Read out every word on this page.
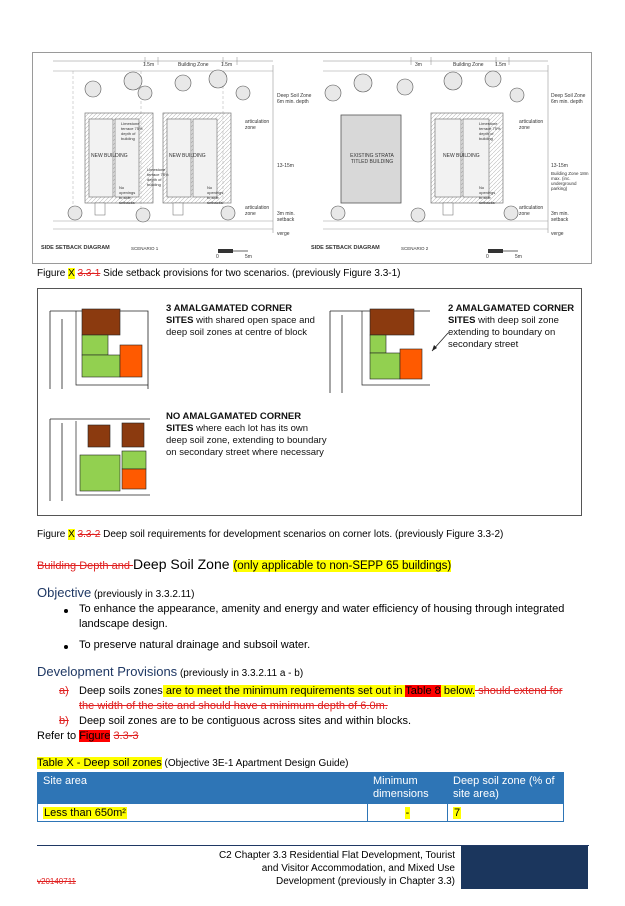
1.5m	Building Zone 1.5m
Deep Soil Zone 6m min. depth
articulation zone
13-15m
articulation zone	3m min. setback
verge
NEW BUILDING	NEW BUILDING
Limestone terrace 75% depth of building
Limestone terrace 75% depth of building
No openings to side setbacks
No openings to side setbacks
SIDE SETBACK DIAGRAM	SCENARIO 1
0	5m
3m	Building Zone 1.5m
Deep Soil Zone 6m min. depth
articulation zone
13-15m
Building Zone 18m max. (inc. underground parking)
articulation zone	3m min. setback
verge
EXISTING STRATA TITLED BUILDING
NEW BUILDING
Limestone terrace 75% depth of building
No openings to side setbacks
SIDE SETBACK DIAGRAM	SCENARIO 2
0	5m
Figure X 3.3-1 Side setback provisions for two scenarios. (previously Figure 3.3-1)
3 AMALGAMATED CORNER SITES with shared open space and deep soil zones at centre of block
2 AMALGAMATED CORNER SITES with deep soil zone extending to boundary on secondary street
NO AMALGAMATED CORNER SITES where each lot has its own deep soil zone, extending to boundary on secondary street where necessary
Figure X 3.3-2 Deep soil requirements for development scenarios on corner lots. (previously Figure 3.3-2)
Building Depth and Deep Soil Zone (only applicable to non-SEPP 65 buildings)
Objective (previously in 3.3.2.11)
To enhance the appearance, amenity and energy and water efficiency of housing through integrated landscape design.
To preserve natural drainage and subsoil water.
Development Provisions (previously in 3.3.2.11 a - b)
a) Deep soils zones are to meet the minimum requirements set out in Table 8 below. should extend for the width of the site and should have a minimum depth of 6.0m.
b) Deep soil zones are to be contiguous across sites and within blocks.
Refer to Figure 3.3-3
Table X - Deep soil zones (Objective 3E-1 Apartment Design Guide)
Site area	Minimum dimensions	Deep soil zone (% of site area)
Less than 650m²	-	7
C2 Chapter 3.3 Residential Flat Development, Tourist
and Visitor Accommodation, and Mixed Use
Development (previously in Chapter 3.3)
v20140711
